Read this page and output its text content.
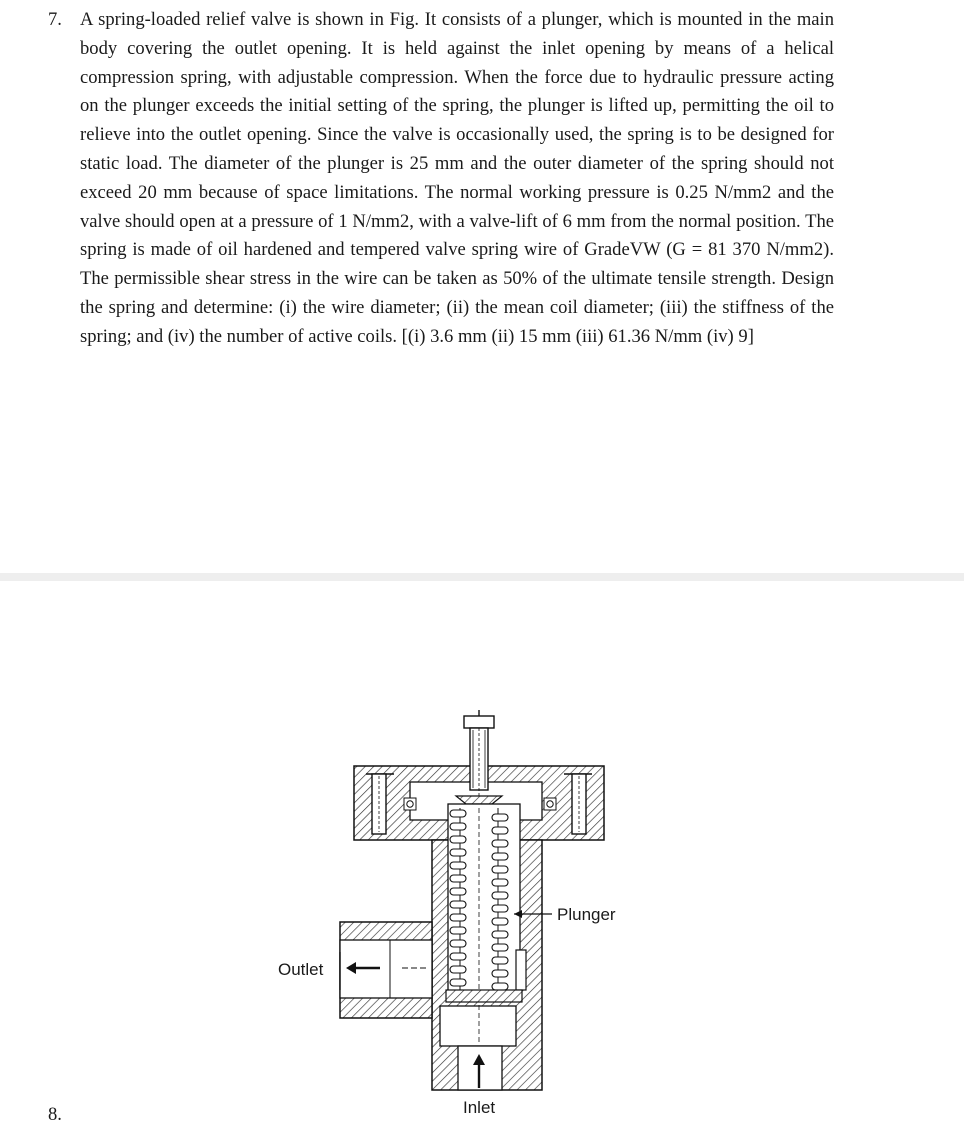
7. A spring-loaded relief valve is shown in Fig. It consists of a plunger, which is mounted in the main body covering the outlet opening. It is held against the inlet opening by means of a helical compression spring, with adjustable compression. When the force due to hydraulic pressure acting on the plunger exceeds the initial setting of the spring, the plunger is lifted up, permitting the oil to relieve into the outlet opening. Since the valve is occasionally used, the spring is to be designed for static load. The diameter of the plunger is 25 mm and the outer diameter of the spring should not exceed 20 mm because of space limitations. The normal working pressure is 0.25 N/mm2 and the valve should open at a pressure of 1 N/mm2, with a valve-lift of 6 mm from the normal position. The spring is made of oil hardened and tempered valve spring wire of GradeVW (G = 81 370 N/mm2). The permissible shear stress in the wire can be taken as 50% of the ultimate tensile strength. Design the spring and determine: (i) the wire diameter; (ii) the mean coil diameter; (iii) the stiffness of the spring; and (iv) the number of active coils. [(i) 3.6 mm (ii) 15 mm (iii) 61.36 N/mm (iv) 9]
Plunger
Outlet
Inlet
8.
